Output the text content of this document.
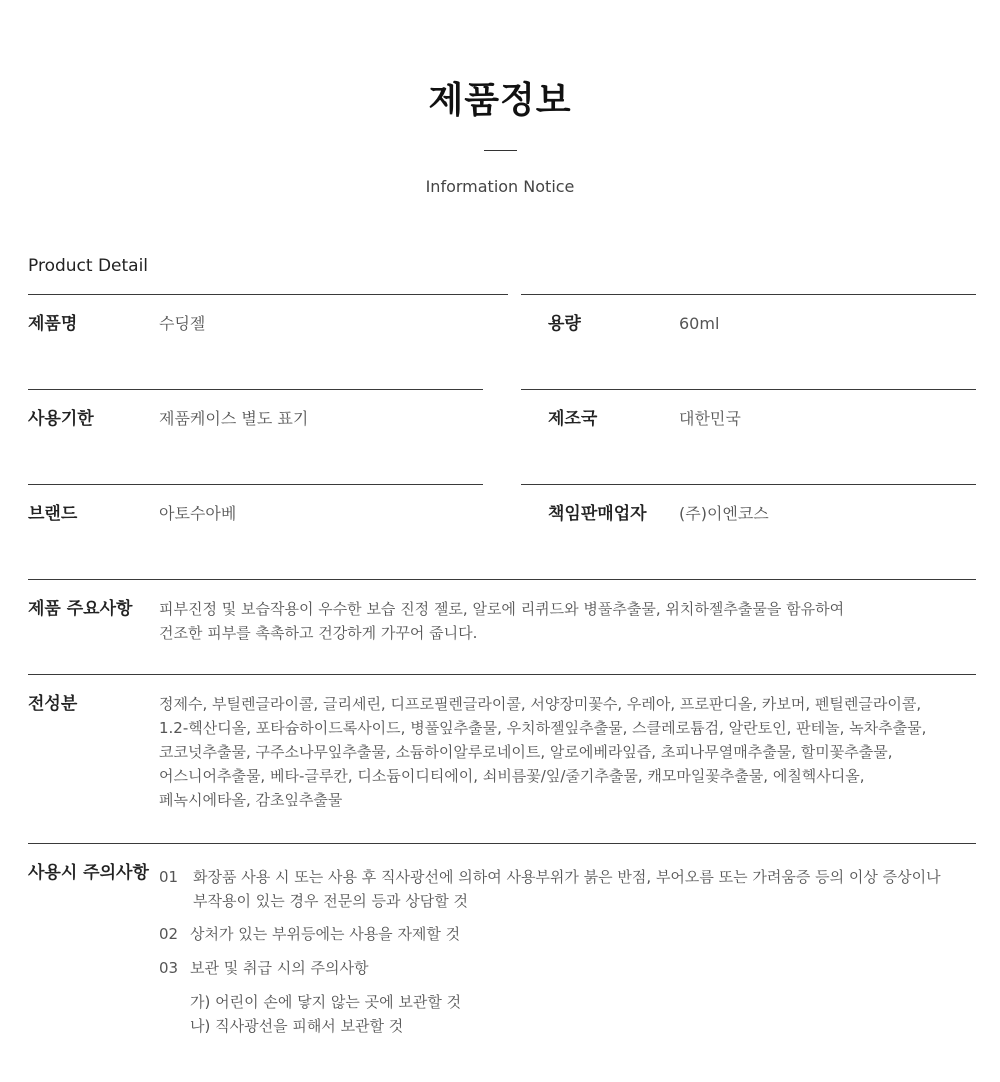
제품정보
Information Notice
Product Detail
제품명	수딩젤	용량	60ml
사용기한	제품케이스 별도 표기	제조국	대한민국
브랜드	아토수아베	책임판매업자 (주)이엔코스
제품 주요사항 피부진정 및 보습작용이 우수한 보습 진정 젤로, 알로에 리퀴드와 병풀추출물, 위치하젤추출물을 함유하여

건조한 피부를 촉촉하고 건강하게 가꾸어 줍니다.

전성분	정제수, 부틸렌글라이콜, 글리세린, 디프로필렌글라이콜, 서양장미꽃수, 우레아, 프로판디올, 카보머, 펜틸렌글라이콜,

1.2-헥산디올, 포타슘하이드록사이드, 병풀잎추출물, 우치하젤잎추출물, 스클레로튬검, 알란토인, 판테놀, 녹차추출물,

코코넛추출물, 구주소나무잎추출물, 소듐하이알루로네이트, 알로에베라잎즙, 초피나무열매추출물, 할미꽃추출물,

어스니어추출물, 베타-글루칸, 디소듐이디티에이, 쇠비름꽃/잎/줄기추출물, 캐모마일꽃추출물, 에칠헥사디올,

페녹시에타올, 감초잎추출물

사용시 주의사항 01 화장품 사용 시 또는 사용 후 직사광선에 의하여 사용부위가 붉은 반점, 부어오름 또는 가려움증 등의 이상 증상이나
부작용이 있는 경우 전문의 등과 상담할 것
02 상처가 있는 부위등에는 사용을 자제할 것
03 보관 및 취급 시의 주의사항
가) 어린이 손에 닿지 않는 곳에 보관할 것
나) 직사광선을 피해서 보관할 것
